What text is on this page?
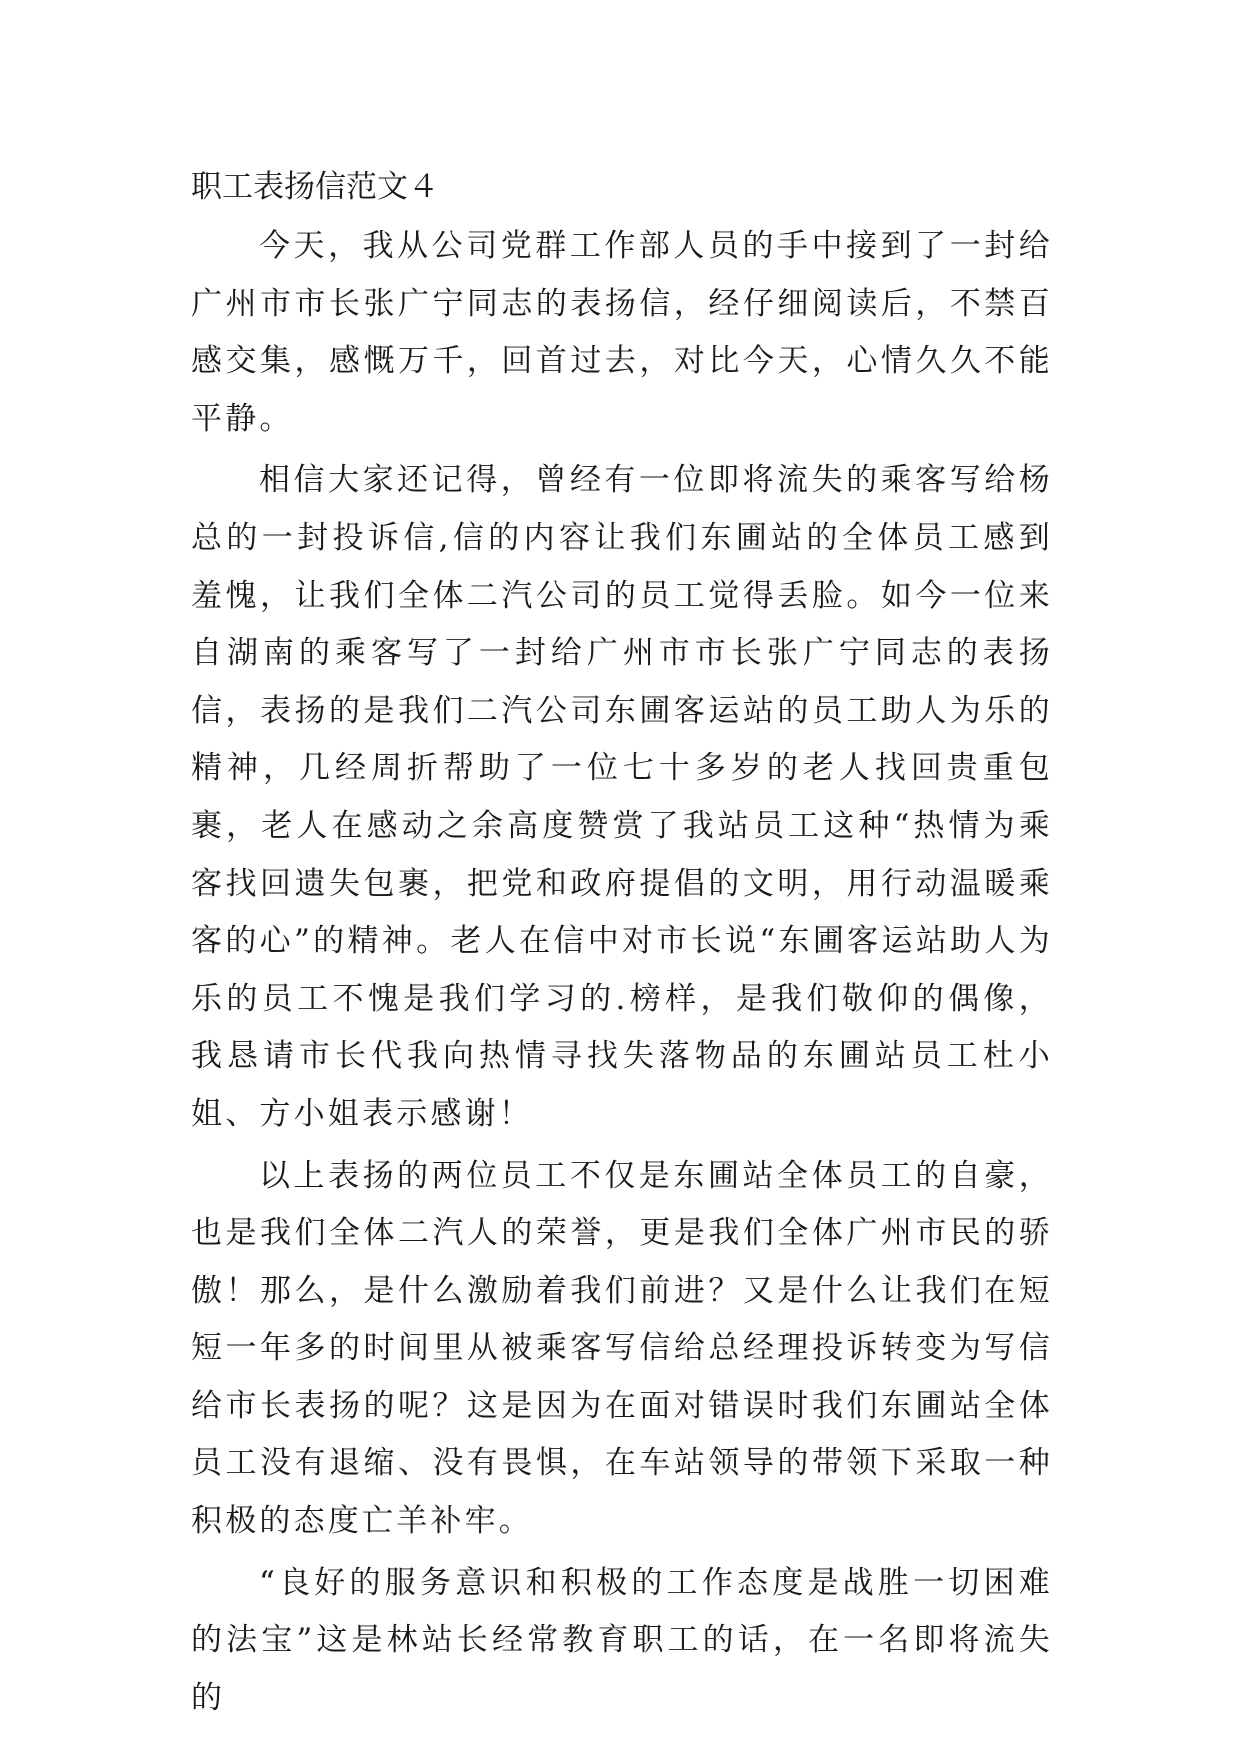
职工表扬信范文４

今天，我从公司党群工作部人员的手中接到了一封给广州市市长张广宁同志的表扬信，经仔细阅读后，不禁百感交集，感慨万千，回首过去，对比今天，心情久久不能平静。

相信大家还记得，曾经有一位即将流失的乘客写给杨总的一封投诉信,信的内容让我们东圃站的全体员工感到羞愧，让我们全体二汽公司的员工觉得丢脸。如今一位来自湖南的乘客写了一封给广州市市长张广宁同志的表扬信，表扬的是我们二汽公司东圃客运站的员工助人为乐的精神，几经周折帮助了一位七十多岁的老人找回贵重包裹，老人在感动之余高度赞赏了我站员工这种“热情为乘客找回遗失包裹，把党和政府提倡的文明，用行动温暖乘客的心”的精神。老人在信中对市长说“东圃客运站助人为乐的员工不愧是我们学习的.榜样，是我们敬仰的偶像，我恳请市长代我向热情寻找失落物品的东圃站员工杜小姐、方小姐表示感谢！

以上表扬的两位员工不仅是东圃站全体员工的自豪，也是我们全体二汽人的荣誉，更是我们全体广州市民的骄傲！那么，是什么激励着我们前进？又是什么让我们在短短一年多的时间里从被乘客写信给总经理投诉转变为写信给市长表扬的呢？这是因为在面对错误时我们东圃站全体员工没有退缩、没有畏惧，在车站领导的带领下采取一种积极的态度亡羊补牢。

“良好的服务意识和积极的工作态度是战胜一切困难的法宝”这是林站长经常教育职工的话，在一名即将流失的
